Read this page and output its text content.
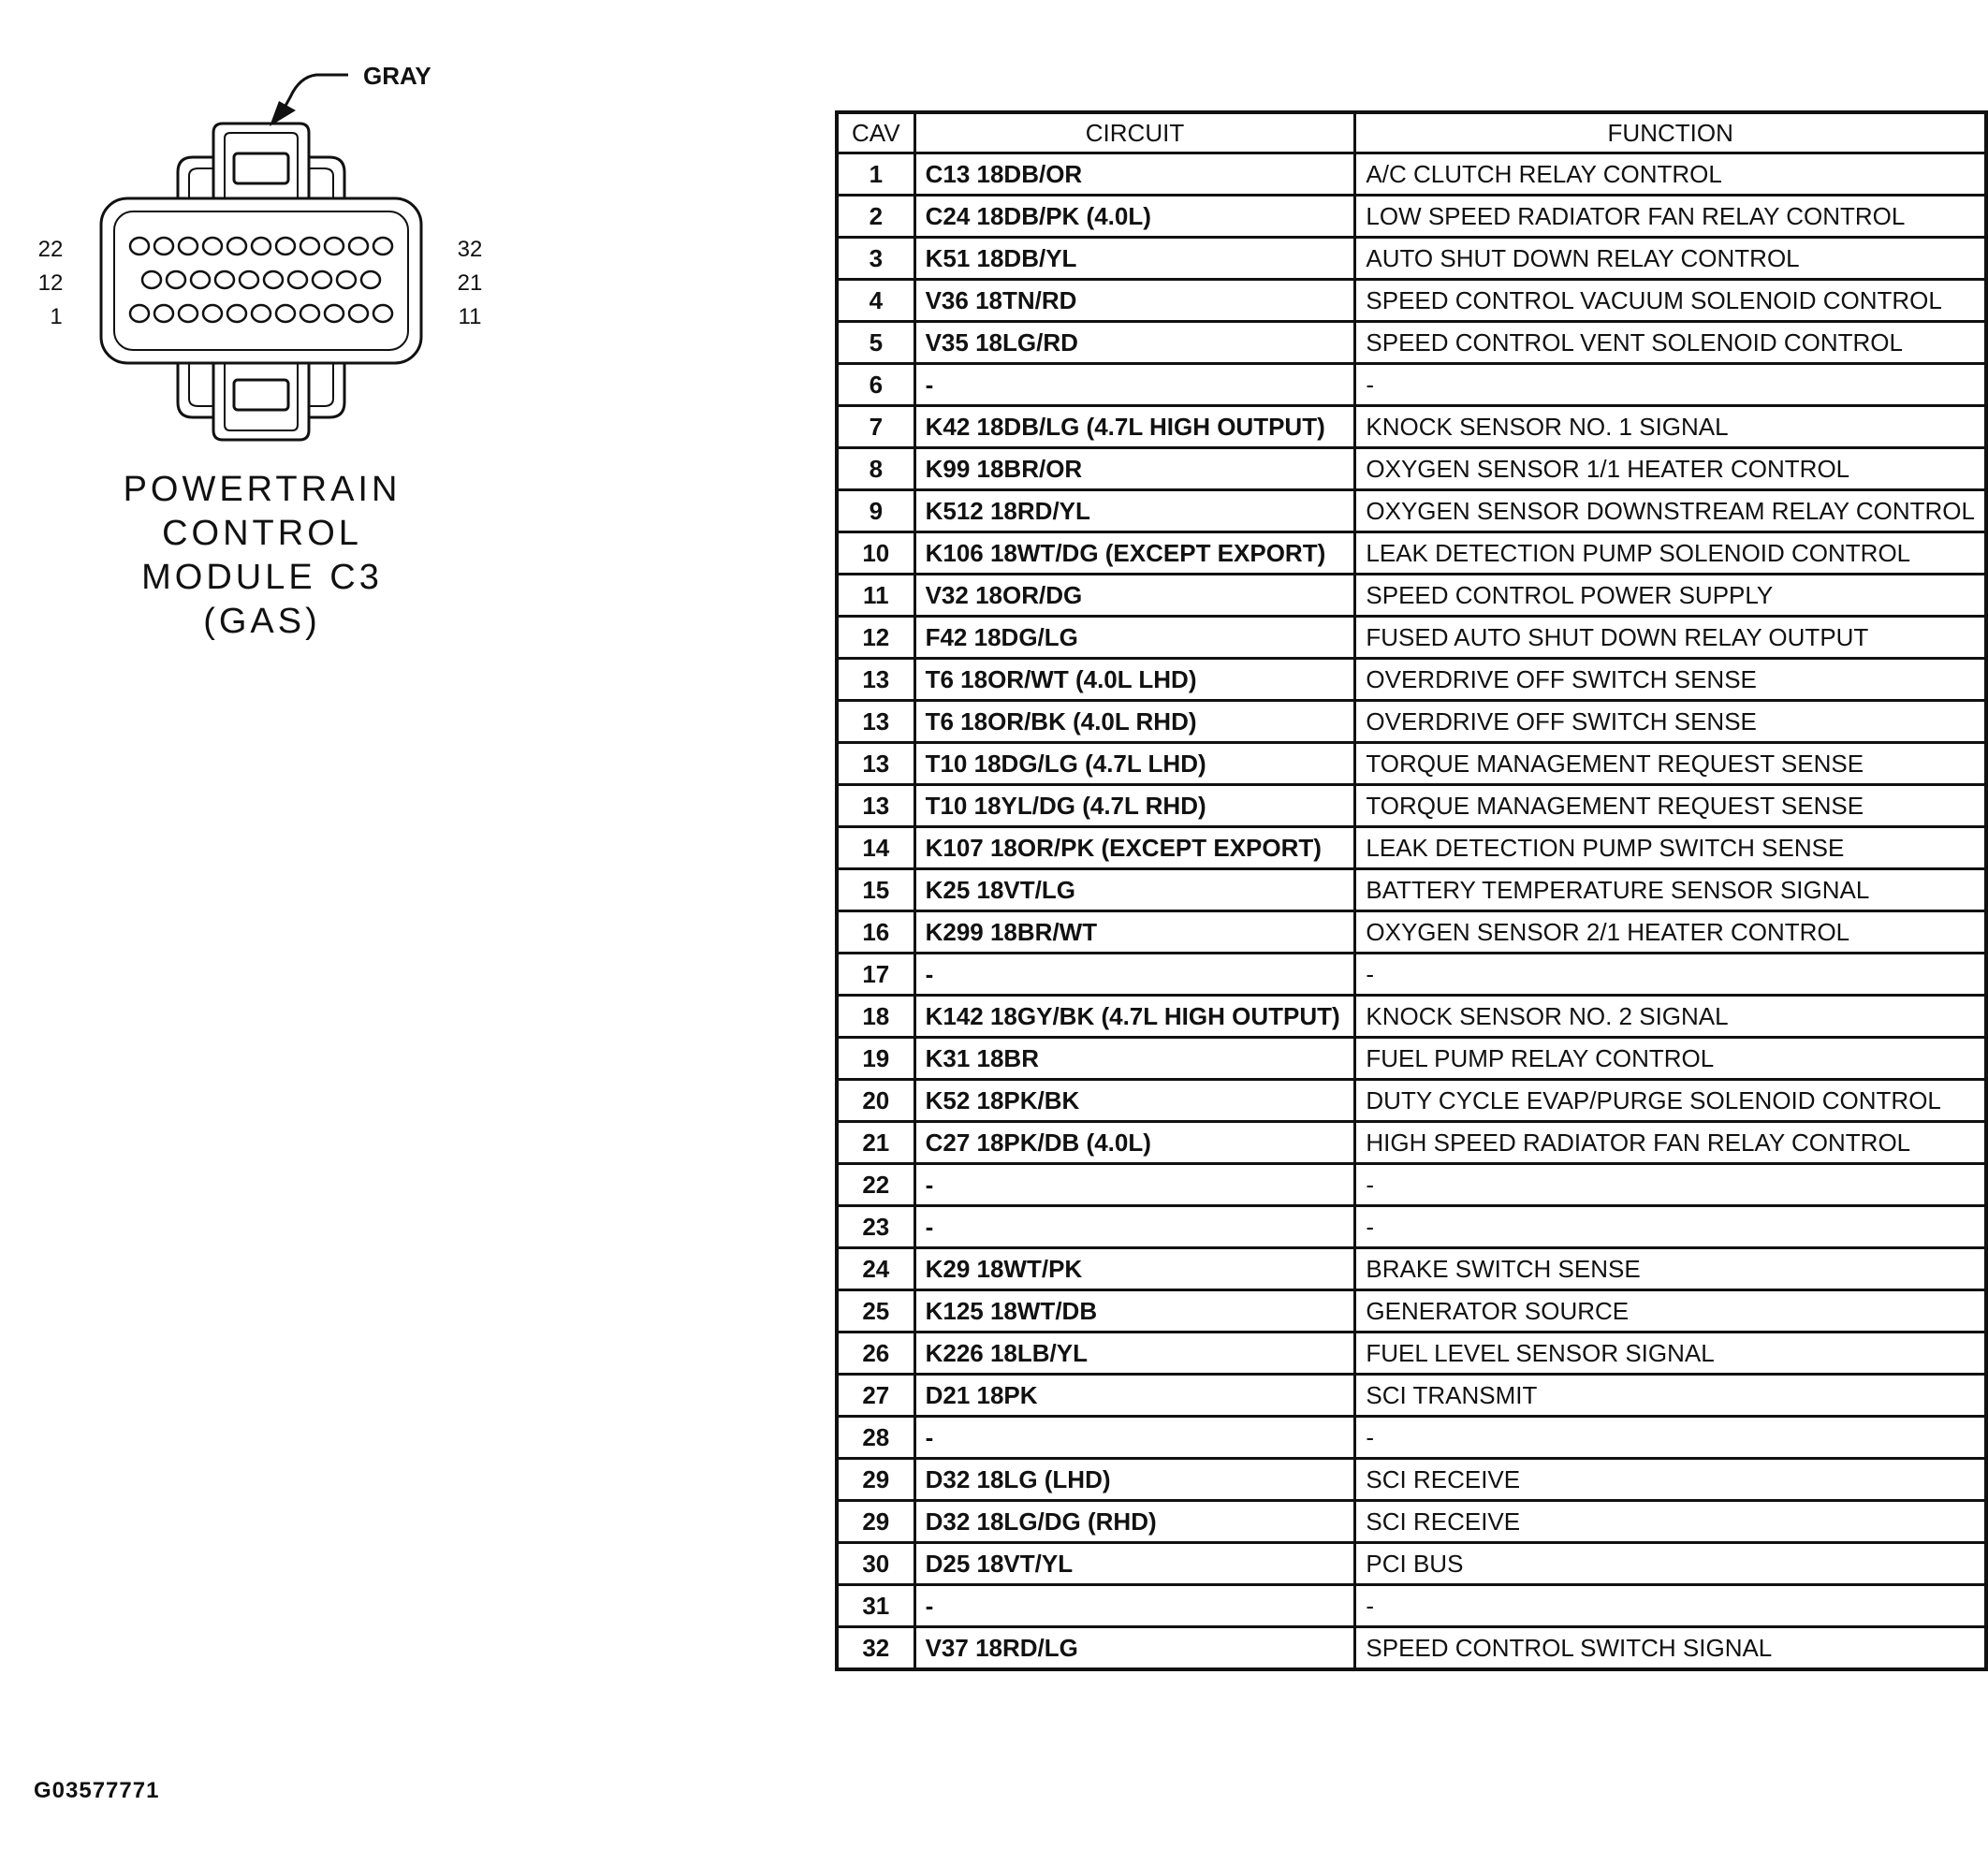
GRAY
22
12
1
32
21
11
POWERTRAIN
CONTROL
MODULE C3
(GAS)
CAV	CIRCUIT	FUNCTION
1	C13 18DB/OR	A/C CLUTCH RELAY CONTROL
2	C24 18DB/PK (4.0L)	LOW SPEED RADIATOR FAN RELAY CONTROL
3	K51 18DB/YL	AUTO SHUT DOWN RELAY CONTROL
4	V36 18TN/RD	SPEED CONTROL VACUUM SOLENOID CONTROL
5	V35 18LG/RD	SPEED CONTROL VENT SOLENOID CONTROL
6	-	-
7	K42 18DB/LG (4.7L HIGH OUTPUT)	KNOCK SENSOR NO. 1 SIGNAL
8	K99 18BR/OR	OXYGEN SENSOR 1/1 HEATER CONTROL
9	K512 18RD/YL	OXYGEN SENSOR DOWNSTREAM RELAY CONTROL
10	K106 18WT/DG (EXCEPT EXPORT)	LEAK DETECTION PUMP SOLENOID CONTROL
11	V32 18OR/DG	SPEED CONTROL POWER SUPPLY
12	F42 18DG/LG	FUSED AUTO SHUT DOWN RELAY OUTPUT
13	T6 18OR/WT (4.0L LHD)	OVERDRIVE OFF SWITCH SENSE
13	T6 18OR/BK (4.0L RHD)	OVERDRIVE OFF SWITCH SENSE
13	T10 18DG/LG (4.7L LHD)	TORQUE MANAGEMENT REQUEST SENSE
13	T10 18YL/DG (4.7L RHD)	TORQUE MANAGEMENT REQUEST SENSE
14	K107 18OR/PK (EXCEPT EXPORT)	LEAK DETECTION PUMP SWITCH SENSE
15	K25 18VT/LG	BATTERY TEMPERATURE SENSOR SIGNAL
16	K299 18BR/WT	OXYGEN SENSOR 2/1 HEATER CONTROL
17	-	-
18	K142 18GY/BK (4.7L HIGH OUTPUT)	KNOCK SENSOR NO. 2 SIGNAL
19	K31 18BR	FUEL PUMP RELAY CONTROL
20	K52 18PK/BK	DUTY CYCLE EVAP/PURGE SOLENOID CONTROL
21	C27 18PK/DB (4.0L)	HIGH SPEED RADIATOR FAN RELAY CONTROL
22	-	-
23	-	-
24	K29 18WT/PK	BRAKE SWITCH SENSE
25	K125 18WT/DB	GENERATOR SOURCE
26	K226 18LB/YL	FUEL LEVEL SENSOR SIGNAL
27	D21 18PK	SCI TRANSMIT
28	-	-
29	D32 18LG (LHD)	SCI RECEIVE
29	D32 18LG/DG (RHD)	SCI RECEIVE
30	D25 18VT/YL	PCI BUS
31	-	-
32	V37 18RD/LG	SPEED CONTROL SWITCH SIGNAL
G03577771
